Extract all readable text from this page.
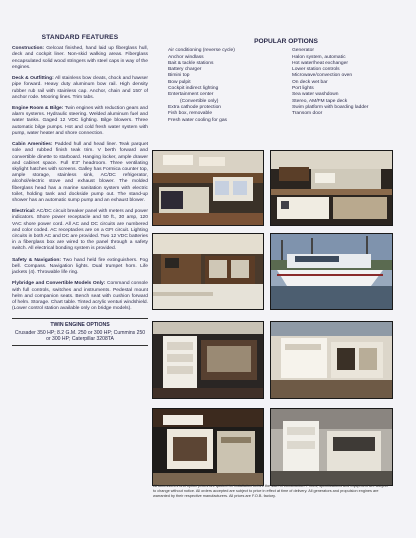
STANDARD FEATURES
Construction: Gelcoat finished, hand laid up fiberglass hull, deck and cockpit liner. Non-skid walking areas. Fiberglass encapsulated solid wood stringers with steel caps in way of the engines.
Deck & Outfitting: All stainless bow cleats, chock and hawser pipe forward. Heavy duty aluminum bow rail. High density rubber rub rail with stainless cap. Anchor, chain and 150' of anchor rode. Mooring lines. Trim tabs.
Engine Room & Bilge: Twin engines with reduction gears and alarm systems. Hydraulic steering. Welded aluminum fuel and water tanks. Gaged 12 VDC lighting. Bilge blowers. Three automatic bilge pumps. Hot and cold fresh water system with pump, water heater and shore connection.
Cabin Amenities: Padded hull and head liner. Teak parquet sole and rubbed finish teak trim. V berth forward and convertible dinette to starboard. Hanging locker, ample drawer and cabinet space. Full 6'3" headroom. Three ventilating skylight hatches with screens. Galley has Formica counter top, ample storage, stainless sink, AC/DC refrigerator, alcohol/electric stove and exhaust blower. The molded fiberglass head has a marine sanitation system with electric toilet, holding tank and dockside pump out. The stand-up shower has an automatic sump pump and an exhaust blower.
Electrical: AC/DC circuit breaker panel with meters and power indicators. Shore power receptacle and 50 ft., 30 amp, 120 VAC shore power cord. All AC and DC circuits are numbered and color coded. AC receptacles are on a GFI circuit. Lighting circuits in both AC and DC are provided. Two 12 VDC batteries in a fiberglass box are wired to the panel through a safety switch. All electrical bonding system is provided.
Safety & Navigation: Two hand held fire extinguishers. Fog bell. Compass. Navigation lights. Dual trumpet horn. Life jackets (4). Throwable life ring.
Flybridge and Convertible Models Only: Command console with full controls, switches and instruments. Pedestal mount helm and companion seats. Bench seat with cushion forward of helm. Storage. Chart table. Tinted acrylic venturi windshield. (Lower control station available only on bridge models).
TWIN ENGINE OPTIONS
Crusader 350 HP; 8.2 G.M. 250 or 300 HP; Cummins 250 or 300 HP; Caterpillar 3208TA
POPULAR OPTIONS
Air conditioning (reverse cycle)
Anchor windlass
Bait & tackle stations
Battery charger
Bimini top
Bow pulpit
Cockpit indirect lighting
Entertainment center
(Convertible only)
Extra cathode protection
Fish box, removable
Fresh water cooling for gas
Generator
Halon system, automatic
Hot water/heat exchanger
Lower station controls
Microwave/convection oven
On deck wet bar
Port lights
Sea water washdown
Stereo, AM/FM tape deck
Swim platform with boarding ladder
Transom door
All accessories and option prices are quoted for installation before the start of construction. Prices, specifications and equipment are subject to change without notice. All orders accepted are subject to price in effect at time of delivery. All generators and propulsion engines are warranted by their respective manufacturers. All prices are F.O.B. factory.
